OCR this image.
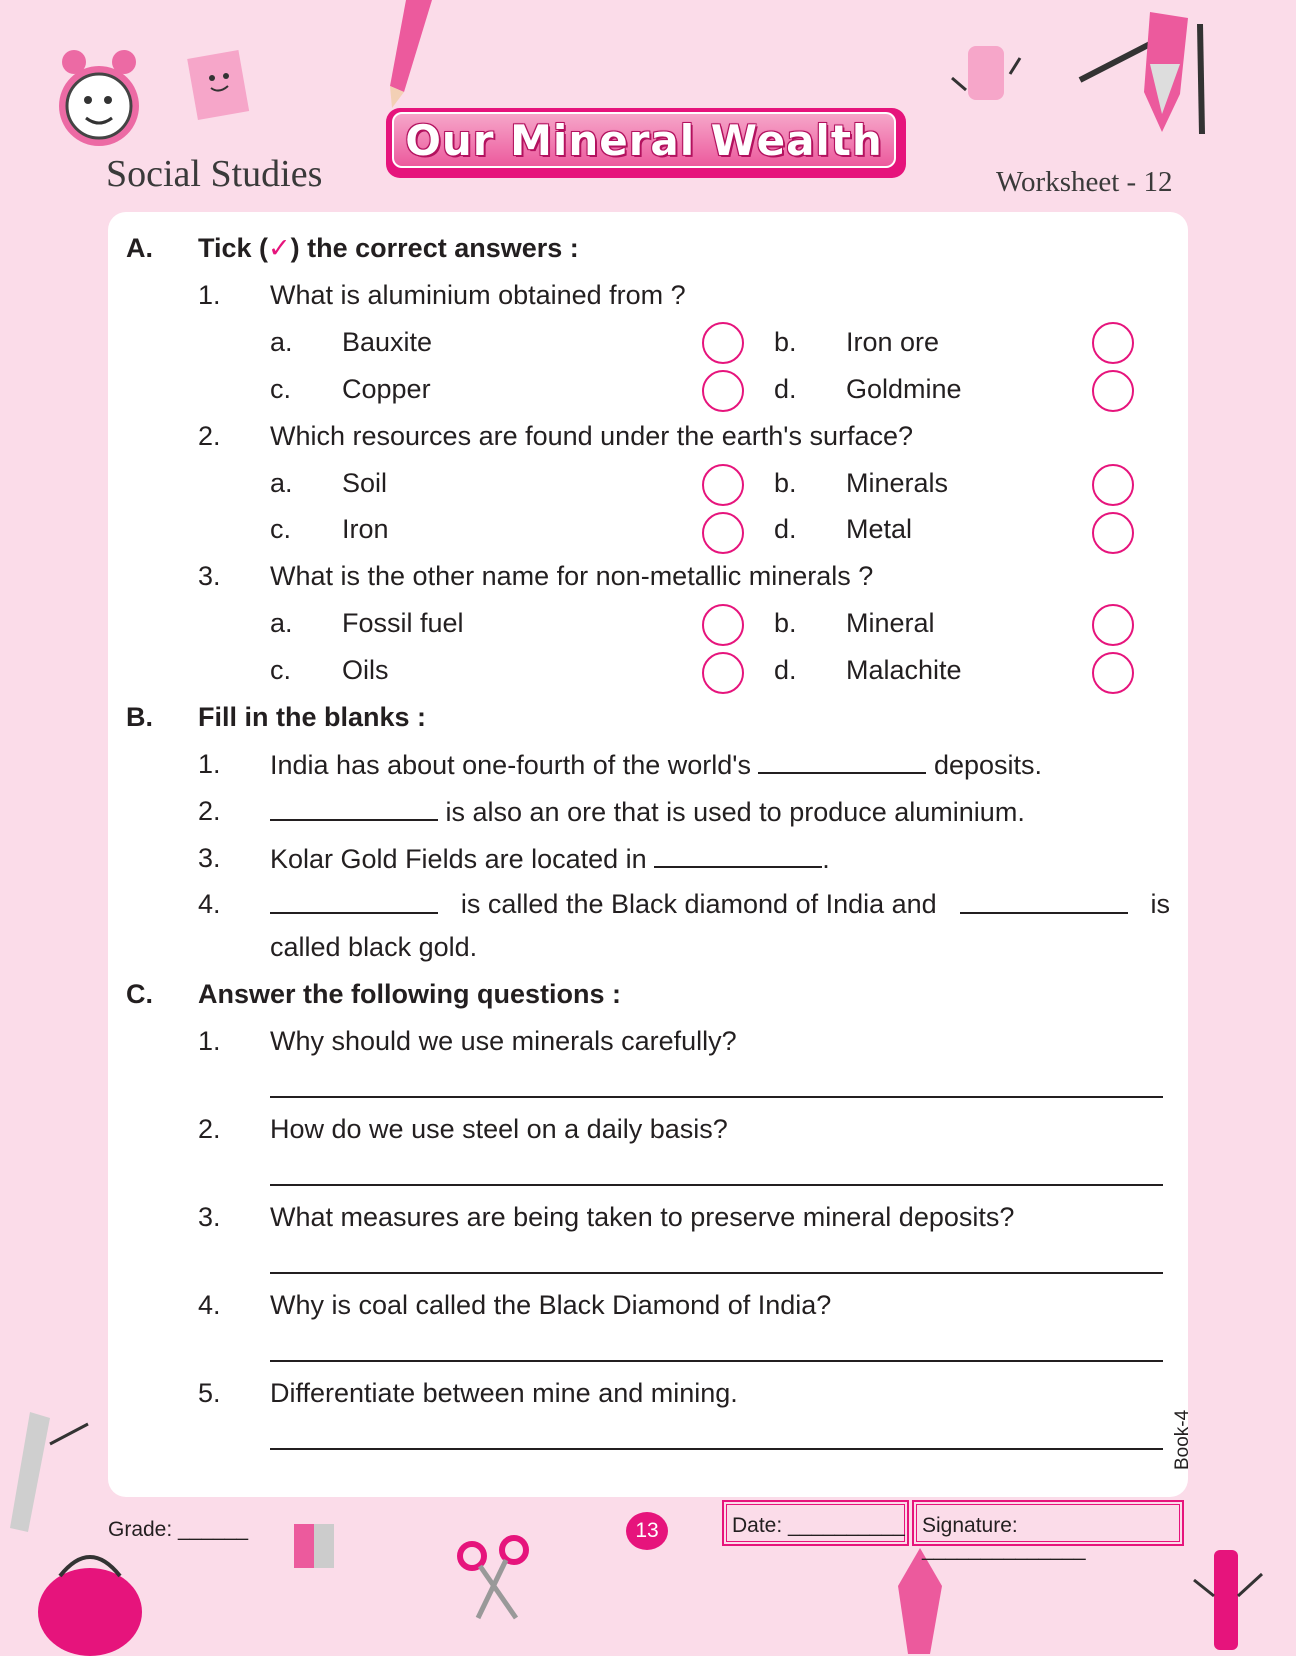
Social Studies
Our Mineral Wealth
Worksheet - 12
A. Tick (✓) the correct answers :
1. What is aluminium obtained from ?
a. Bauxite	b. Iron ore
c. Copper	d. Goldmine
2. Which resources are found under the earth's surface?
a. Soil	b. Minerals
c. Iron	d. Metal
3. What is the other name for non-metallic minerals ?
a. Fossil fuel	b. Mineral
c. Oils	d. Malachite
B. Fill in the blanks :
1. India has about one-fourth of the world's	deposits.
2.	is also an ore that is used to produce aluminium.
3. Kolar Gold Fields are located in	.
4.	is called the Black diamond of India and	is
called black gold.
C. Answer the following questions :
1. Why should we use minerals carefully?
2. How do we use steel on a daily basis?
3. What measures are being taken to preserve mineral deposits?
4. Why is coal called the Black Diamond of India?
5. Differentiate between mine and mining.
Book-4
Grade: ______	13	Date: __________ Signature: ______________
